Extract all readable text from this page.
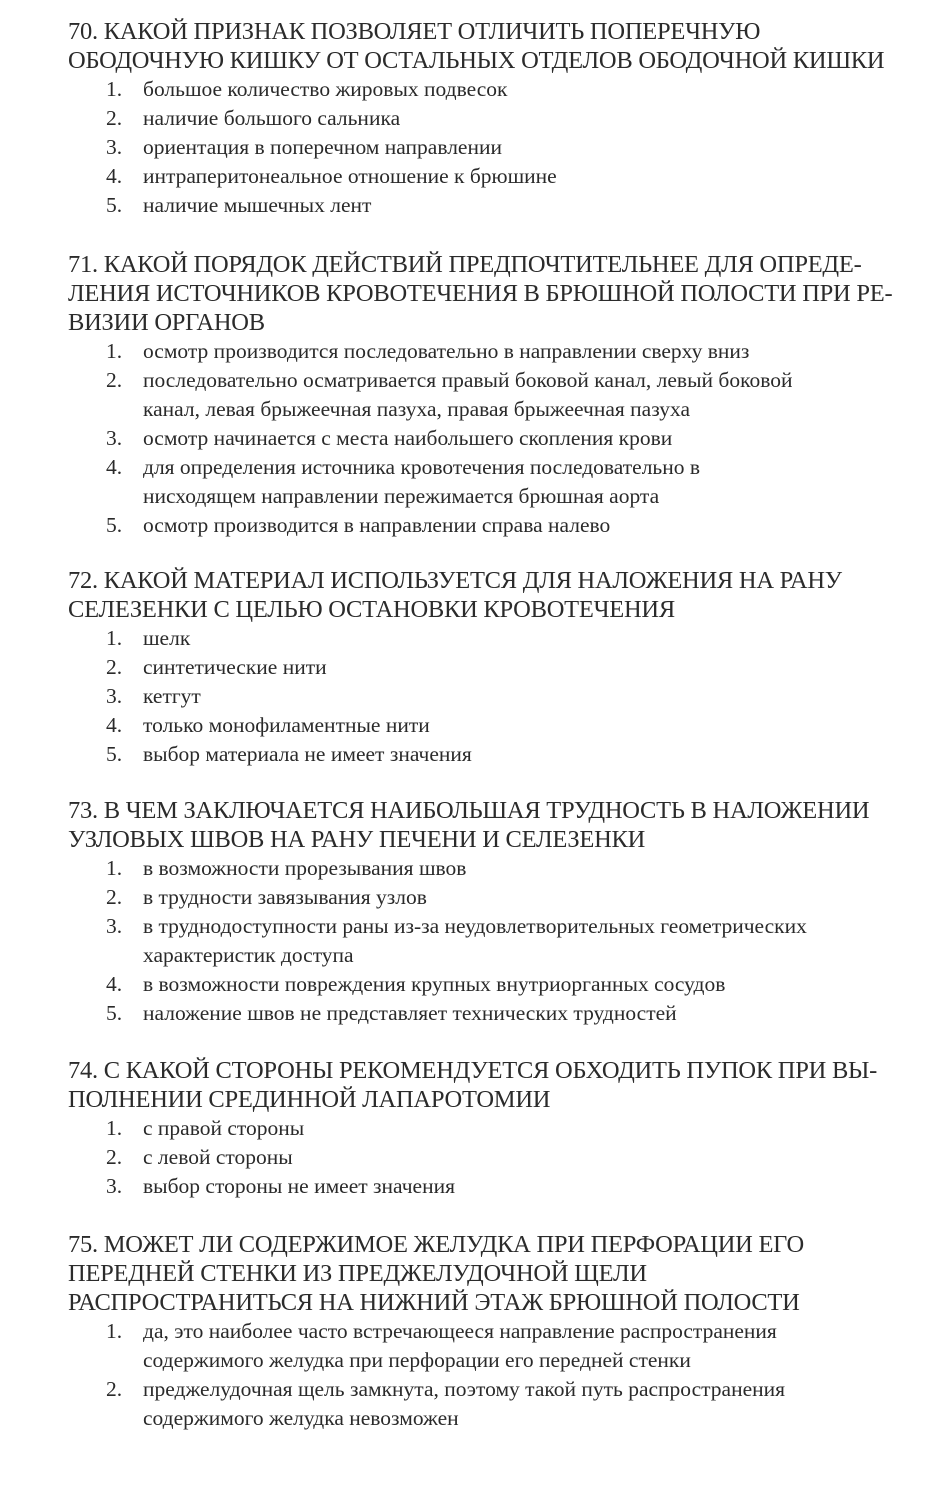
70. КАКОЙ ПРИЗНАК ПОЗВОЛЯЕТ ОТЛИЧИТЬ ПОПЕРЕЧНУЮ
ОБОДОЧНУЮ КИШКУ ОТ ОСТАЛЬНЫХ ОТДЕЛОВ ОБОДОЧНОЙ КИШКИ
1. большое количество жировых подвесок
2. наличие большого сальника
3. ориентация в поперечном направлении
4. интраперитонеальное отношение к брюшине
5. наличие мышечных лент
71. КАКОЙ ПОРЯДОК ДЕЙСТВИЙ ПРЕДПОЧТИТЕЛЬНЕЕ ДЛЯ ОПРЕДЕ-
ЛЕНИЯ ИСТОЧНИКОВ КРОВОТЕЧЕНИЯ В БРЮШНОЙ ПОЛОСТИ ПРИ РЕ-
ВИЗИИ ОРГАНОВ
1. осмотр производится последовательно в направлении сверху вниз
2. последовательно осматривается правый боковой канал, левый боковой
канал, левая брыжеечная пазуха, правая брыжеечная пазуха
3. осмотр начинается с места наибольшего скопления крови
4. для определения источника кровотечения последовательно в
нисходящем направлении пережимается брюшная аорта
5. осмотр производится в направлении справа налево
72. КАКОЙ МАТЕРИАЛ ИСПОЛЬЗУЕТСЯ ДЛЯ НАЛОЖЕНИЯ НА РАНУ
СЕЛЕЗЕНКИ С ЦЕЛЬЮ ОСТАНОВКИ КРОВОТЕЧЕНИЯ
1. шелк
2. синтетические нити
3. кетгут
4. только монофиламентные нити
5. выбор материала не имеет значения
73. В ЧЕМ ЗАКЛЮЧАЕТСЯ НАИБОЛЬШАЯ ТРУДНОСТЬ В НАЛОЖЕНИИ
УЗЛОВЫХ ШВОВ НА РАНУ ПЕЧЕНИ И СЕЛЕЗЕНКИ
1. в возможности прорезывания швов
2. в трудности завязывания узлов
3. в труднодоступности раны из-за неудовлетворительных геометрических
характеристик доступа
4. в возможности повреждения крупных внутриорганных сосудов
5. наложение швов не представляет технических трудностей
74. С КАКОЙ СТОРОНЫ РЕКОМЕНДУЕТСЯ ОБХОДИТЬ ПУПОК ПРИ ВЫ-
ПОЛНЕНИИ СРЕДИННОЙ ЛАПАРОТОМИИ
1. с правой стороны
2. с левой стороны
3. выбор стороны не имеет значения
75. МОЖЕТ ЛИ СОДЕРЖИМОЕ ЖЕЛУДКА ПРИ ПЕРФОРАЦИИ ЕГО
ПЕРЕДНЕЙ СТЕНКИ ИЗ ПРЕДЖЕЛУДОЧНОЙ ЩЕЛИ
РАСПРОСТРАНИТЬСЯ НА НИЖНИЙ ЭТАЖ БРЮШНОЙ ПОЛОСТИ
1. да, это наиболее часто встречающееся направление распространения
содержимого желудка при перфорации его передней стенки
2. преджелудочная щель замкнута, поэтому такой путь распространения
содержимого желудка невозможен
